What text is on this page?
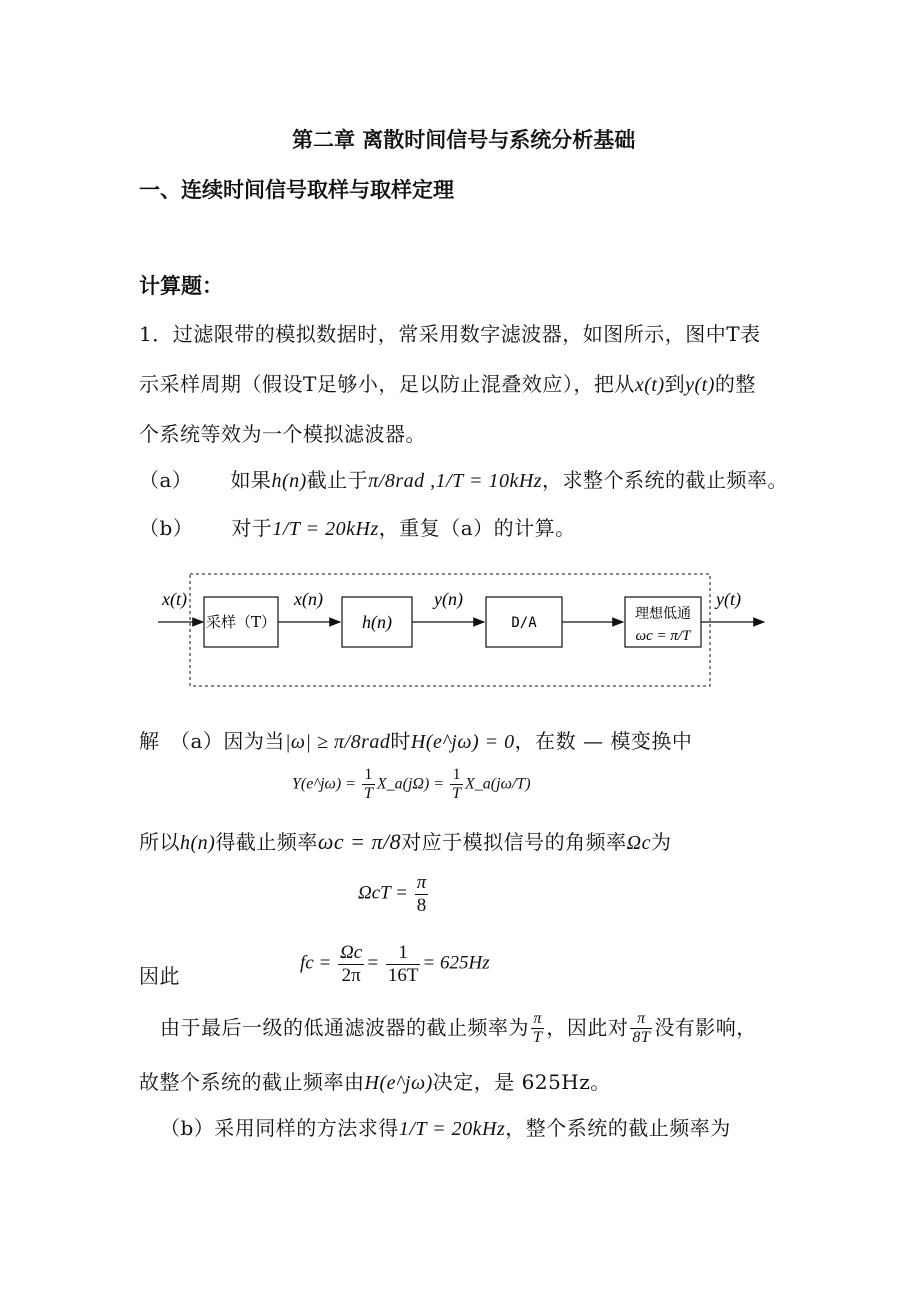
第二章 离散时间信号与系统分析基础
一、连续时间信号取样与取样定理
计算题：
1．过滤限带的模拟数据时，常采用数字滤波器，如图所示，图中T表
示采样周期（假设T足够小，足以防止混叠效应），把从x(t)到y(t)的整
个系统等效为一个模拟滤波器。
（a） 如果h(n)截止于π/8rad ,1/T = 10kHz，求整个系统的截止频率。
（b） 对于1/T = 20kHz，重复（a）的计算。
x(t)
采样（T）
x(n)
h(n)
y(n)
D/A
理想低通
ωc = π/T
y(t)
解　（a）因为当|ω| ≥ π/8rad时H(e^jω) = 0，在数 — 模变换中
Y(e^jω) = $\frac{1}{T}$ X_a(jΩ) = $\frac{1}{T}$ X_a(jω/T)
所以h(n)得截止频率ωc = π/8对应于模拟信号的角频率Ωc为
$\Omega cT = \frac{\pi}{8}$
因此
fc = $\frac{\Omega c}{2\pi} = \frac{1}{16T} = 625Hz$
由于最后一级的低通滤波器的截止频率为 $\frac{\pi}{T}$ ，因此对 $\frac{\pi}{8T}$ 没有影响，
故整个系统的截止频率由H(e^jω)决定，是 625Hz。
（b）采用同样的方法求得1/T = 20kHz，整个系统的截止频率为
